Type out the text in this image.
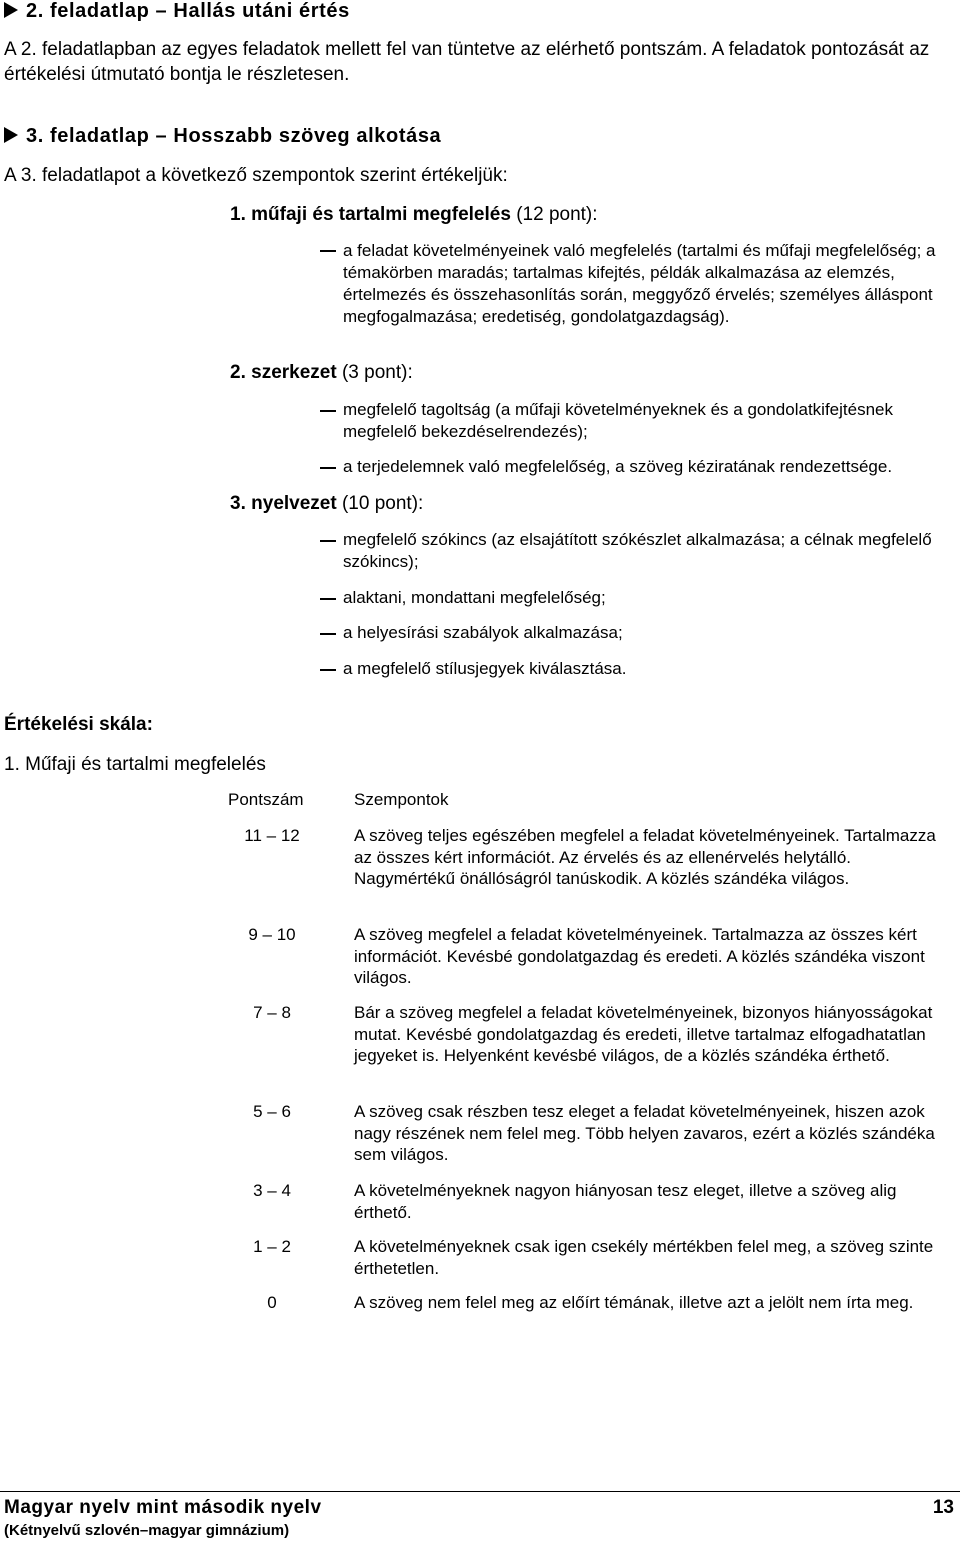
2. feladatlap – Hallás utáni értés
A 2. feladatlapban az egyes feladatok mellett fel van tüntetve az elérhető pontszám. A feladatok pontozását az értékelési útmutató bontja le részletesen.
3. feladatlap – Hosszabb szöveg alkotása
A 3. feladatlapot a következő szempontok szerint értékeljük:
1. műfaji és tartalmi megfelelés (12 pont):
a feladat követelményeinek való megfelelés (tartalmi és műfaji megfelelőség; a témakörben maradás; tartalmas kifejtés, példák alkalmazása az elemzés, értelmezés és összehasonlítás során, meggyőző érvelés; személyes álláspont megfogalmazása; eredetiség, gondolatgazdagság).
2. szerkezet (3 pont):
megfelelő tagoltság (a műfaji követelményeknek és a gondolatkifejtésnek megfelelő bekezdéselrendezés);
a terjedelemnek való megfelelőség, a szöveg kéziratának rendezettsége.
3. nyelvezet (10 pont):
megfelelő szókincs (az elsajátított szókészlet alkalmazása; a célnak megfelelő szókincs);
alaktani, mondattani megfelelőség;
a helyesírási szabályok alkalmazása;
a megfelelő stílusjegyek kiválasztása.
Értékelési skála:
1. Műfaji és tartalmi megfelelés
Pontszám	Szempontok
11 – 12	A szöveg teljes egészében megfelel a feladat követelményeinek. Tartalmazza az összes kért információt. Az érvelés és az ellenérvelés helytálló. Nagymértékű önállóságról tanúskodik. A közlés szándéka világos.
9 – 10	A szöveg megfelel a feladat követelményeinek. Tartalmazza az összes kért információt. Kevésbé gondolatgazdag és eredeti. A közlés szándéka viszont világos.
7 – 8	Bár a szöveg megfelel a feladat követelményeinek, bizonyos hiányosságokat mutat. Kevésbé gondolatgazdag és eredeti, illetve tartalmaz elfogadhatatlan jegyeket is. Helyenként kevésbé világos, de a közlés szándéka érthető.
5 – 6	A szöveg csak részben tesz eleget a feladat követelményeinek, hiszen azok nagy részének nem felel meg. Több helyen zavaros, ezért a közlés szándéka sem világos.
3 – 4	A követelményeknek nagyon hiányosan tesz eleget, illetve a szöveg alig érthető.
1 – 2	A követelményeknek csak igen csekély mértékben felel meg, a szöveg szinte érthetetlen.
0	A szöveg nem felel meg az előírt témának, illetve azt a jelölt nem írta meg.
Magyar nyelv mint második nyelv
(Kétnyelvű szlovén–magyar gimnázium)
13
